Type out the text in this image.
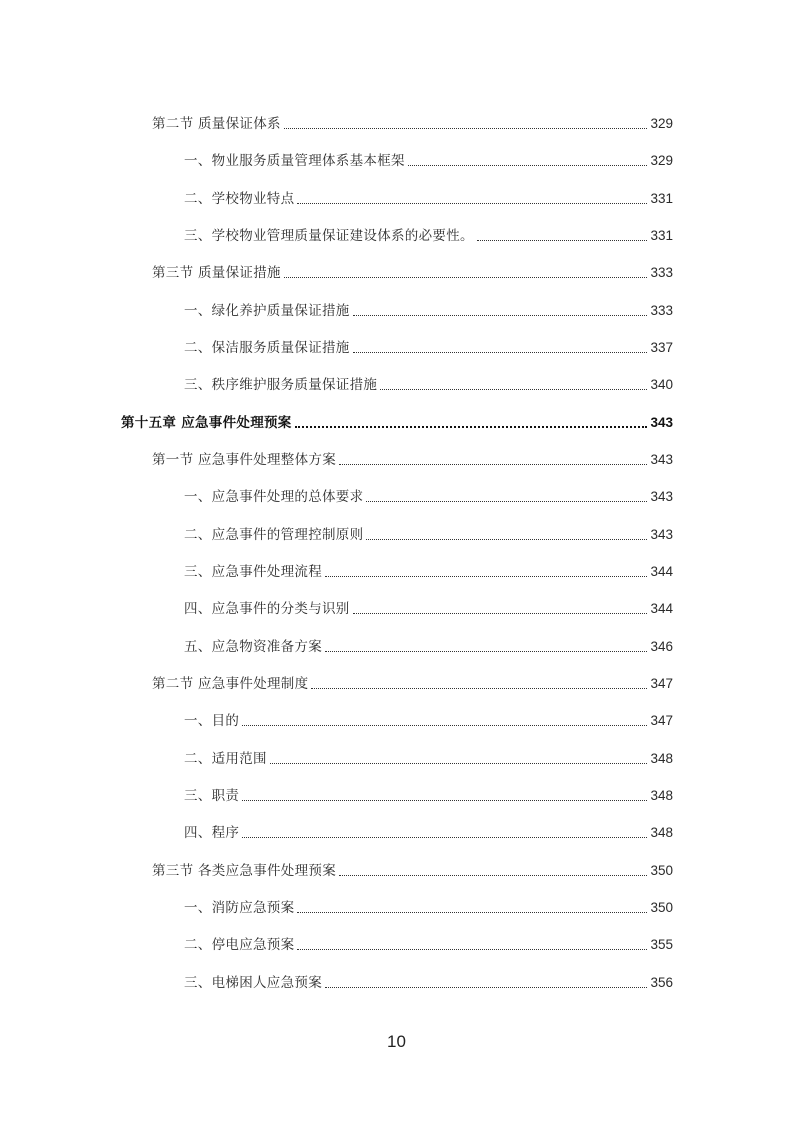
第二节 质量保证体系	329
一、物业服务质量管理体系基本框架	329
二、学校物业特点	331
三、学校物业管理质量保证建设体系的必要性。	331
第三节 质量保证措施	333
一、绿化养护质量保证措施	333
二、保洁服务质量保证措施	337
三、秩序维护服务质量保证措施	340
第十五章 应急事件处理预案	343
第一节 应急事件处理整体方案	343
一、应急事件处理的总体要求	343
二、应急事件的管理控制原则	343
三、应急事件处理流程	344
四、应急事件的分类与识别	344
五、应急物资准备方案	346
第二节 应急事件处理制度	347
一、目的	347
二、适用范围	348
三、职责	348
四、程序	348
第三节 各类应急事件处理预案	350
一、消防应急预案	350
二、停电应急预案	355
三、电梯困人应急预案	356
10
